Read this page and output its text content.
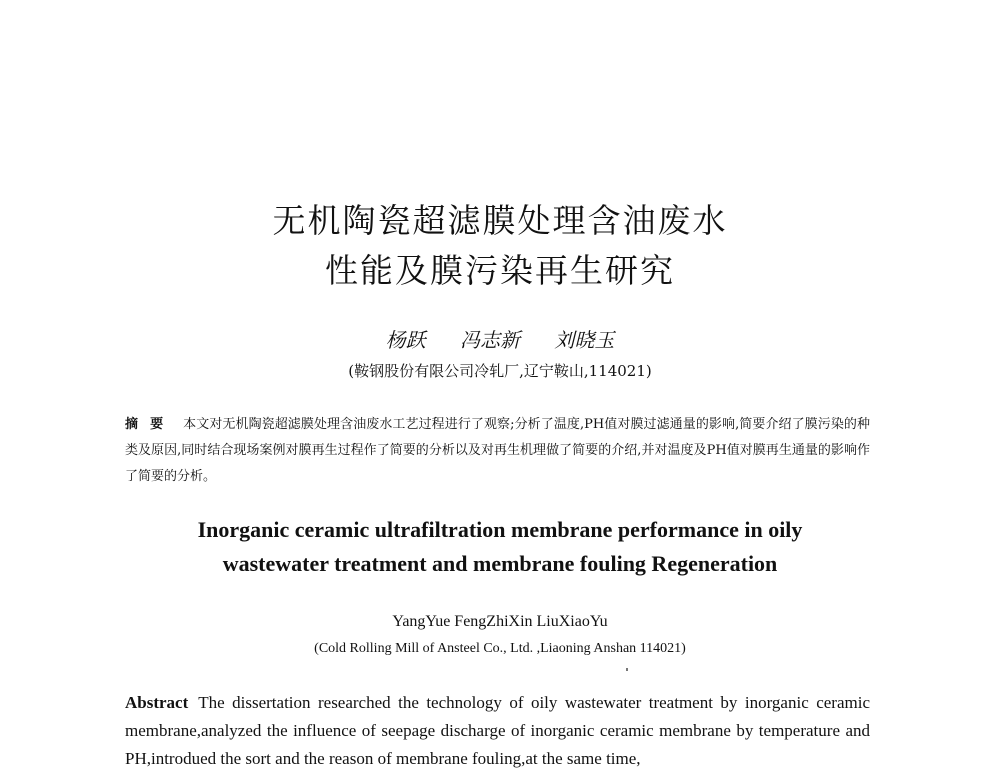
无机陶瓷超滤膜处理含油废水
性能及膜污染再生研究
杨跃 冯志新 刘晓玉
(鞍钢股份有限公司冷轧厂,辽宁鞍山,114021)
摘要 本文对无机陶瓷超滤膜处理含油废水工艺过程进行了观察;分析了温度,PH值对膜过滤通量的影响,简要介绍了膜污染的种类及原因,同时结合现场案例对膜再生过程作了简要的分析以及对再生机理做了简要的介绍,并对温度及PH值对膜再生通量的影响作了简要的分析。
Inorganic ceramic ultrafiltration membrane performance in oily
wastewater treatment and membrane fouling Regeneration
YangYue FengZhiXin LiuXiaoYu
(Cold Rolling Mill of Ansteel Co., Ltd. ,Liaoning Anshan 114021)
Abstract The dissertation researched the technology of oily wastewater treatment by inorganic ceramic membrane,analyzed the influence of seepage discharge of inorganic ceramic membrane by temperature and PH,introdued the sort and the reason of membrane fouling,at the same time,
